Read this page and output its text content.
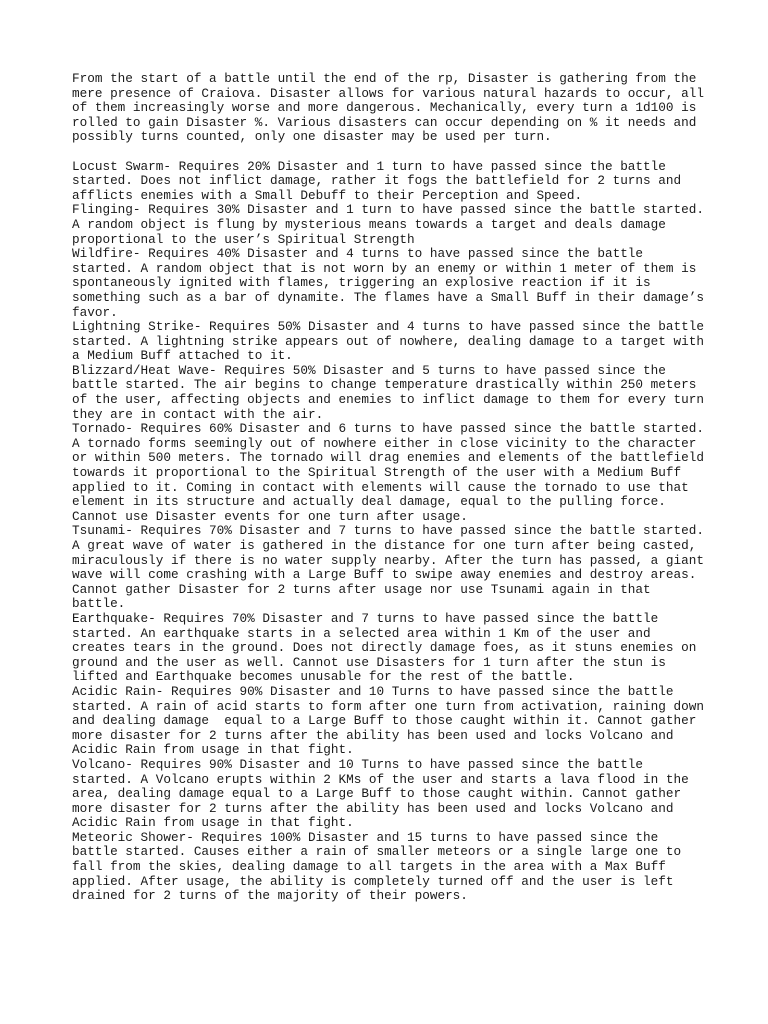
From the start of a battle until the end of the rp, Disaster is gathering from the
mere presence of Craiova. Disaster allows for various natural hazards to occur, all
of them increasingly worse and more dangerous. Mechanically, every turn a 1d100 is
rolled to gain Disaster %. Various disasters can occur depending on % it needs and
possibly turns counted, only one disaster may be used per turn.
Locust Swarm- Requires 20% Disaster and 1 turn to have passed since the battle
started. Does not inflict damage, rather it fogs the battlefield for 2 turns and
afflicts enemies with a Small Debuff to their Perception and Speed.
Flinging- Requires 30% Disaster and 1 turn to have passed since the battle started.
A random object is flung by mysterious means towards a target and deals damage
proportional to the user’s Spiritual Strength
Wildfire- Requires 40% Disaster and 4 turns to have passed since the battle
started. A random object that is not worn by an enemy or within 1 meter of them is
spontaneously ignited with flames, triggering an explosive reaction if it is
something such as a bar of dynamite. The flames have a Small Buff in their damage’s
favor.
Lightning Strike- Requires 50% Disaster and 4 turns to have passed since the battle
started. A lightning strike appears out of nowhere, dealing damage to a target with
a Medium Buff attached to it.
Blizzard/Heat Wave- Requires 50% Disaster and 5 turns to have passed since the
battle started. The air begins to change temperature drastically within 250 meters
of the user, affecting objects and enemies to inflict damage to them for every turn
they are in contact with the air.
Tornado- Requires 60% Disaster and 6 turns to have passed since the battle started.
A tornado forms seemingly out of nowhere either in close vicinity to the character
or within 500 meters. The tornado will drag enemies and elements of the battlefield
towards it proportional to the Spiritual Strength of the user with a Medium Buff
applied to it. Coming in contact with elements will cause the tornado to use that
element in its structure and actually deal damage, equal to the pulling force.
Cannot use Disaster events for one turn after usage.
Tsunami- Requires 70% Disaster and 7 turns to have passed since the battle started.
A great wave of water is gathered in the distance for one turn after being casted,
miraculously if there is no water supply nearby. After the turn has passed, a giant
wave will come crashing with a Large Buff to swipe away enemies and destroy areas.
Cannot gather Disaster for 2 turns after usage nor use Tsunami again in that
battle.
Earthquake- Requires 70% Disaster and 7 turns to have passed since the battle
started. An earthquake starts in a selected area within 1 Km of the user and
creates tears in the ground. Does not directly damage foes, as it stuns enemies on
ground and the user as well. Cannot use Disasters for 1 turn after the stun is
lifted and Earthquake becomes unusable for the rest of the battle.
Acidic Rain- Requires 90% Disaster and 10 Turns to have passed since the battle
started. A rain of acid starts to form after one turn from activation, raining down
and dealing damage  equal to a Large Buff to those caught within it. Cannot gather
more disaster for 2 turns after the ability has been used and locks Volcano and
Acidic Rain from usage in that fight.
Volcano- Requires 90% Disaster and 10 Turns to have passed since the battle
started. A Volcano erupts within 2 KMs of the user and starts a lava flood in the
area, dealing damage equal to a Large Buff to those caught within. Cannot gather
more disaster for 2 turns after the ability has been used and locks Volcano and
Acidic Rain from usage in that fight.
Meteoric Shower- Requires 100% Disaster and 15 turns to have passed since the
battle started. Causes either a rain of smaller meteors or a single large one to
fall from the skies, dealing damage to all targets in the area with a Max Buff
applied. After usage, the ability is completely turned off and the user is left
drained for 2 turns of the majority of their powers.
